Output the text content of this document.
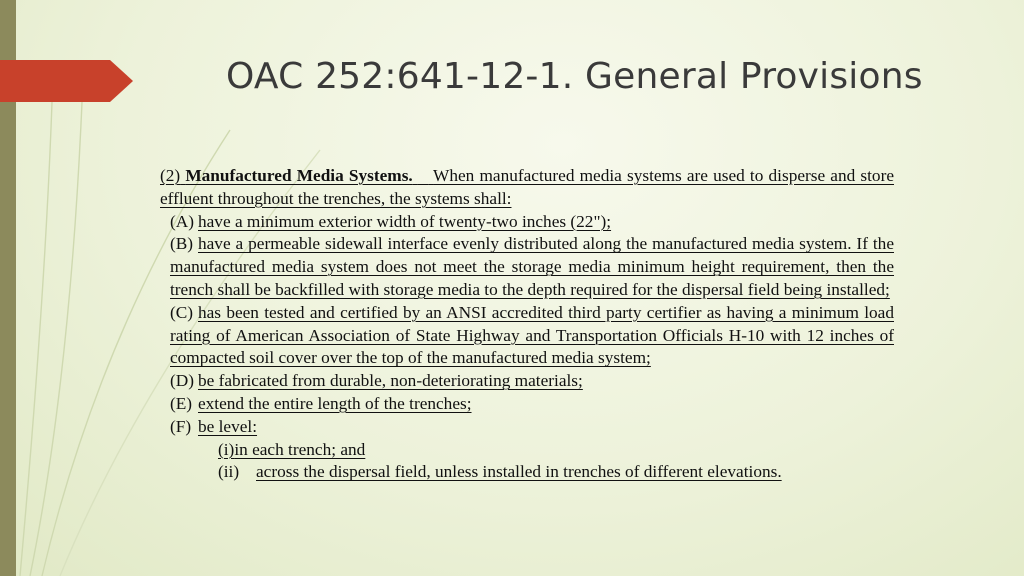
OAC 252:641-12-1. General Provisions

(2) Manufactured Media Systems. When manufactured media systems are used to disperse and store effluent throughout the trenches, the systems shall:

(A) have a minimum exterior width of twenty-two inches (22");

(B) have a permeable sidewall interface evenly distributed along the manufactured media system. If the manufactured media system does not meet the storage media minimum height requirement, then the trench shall be backfilled with storage media to the depth required for the dispersal field being installed;

(C) has been tested and certified by an ANSI accredited third party certifier as having a minimum load rating of American Association of State Highway and Transportation Officials H-10 with 12 inches of compacted soil cover over the top of the manufactured media system;

(D) be fabricated from durable, non-deteriorating materials;

(E) extend the entire length of the trenches;

(F) be level:

(i)in each trench; and

(ii) across the dispersal field, unless installed in trenches of different elevations.
